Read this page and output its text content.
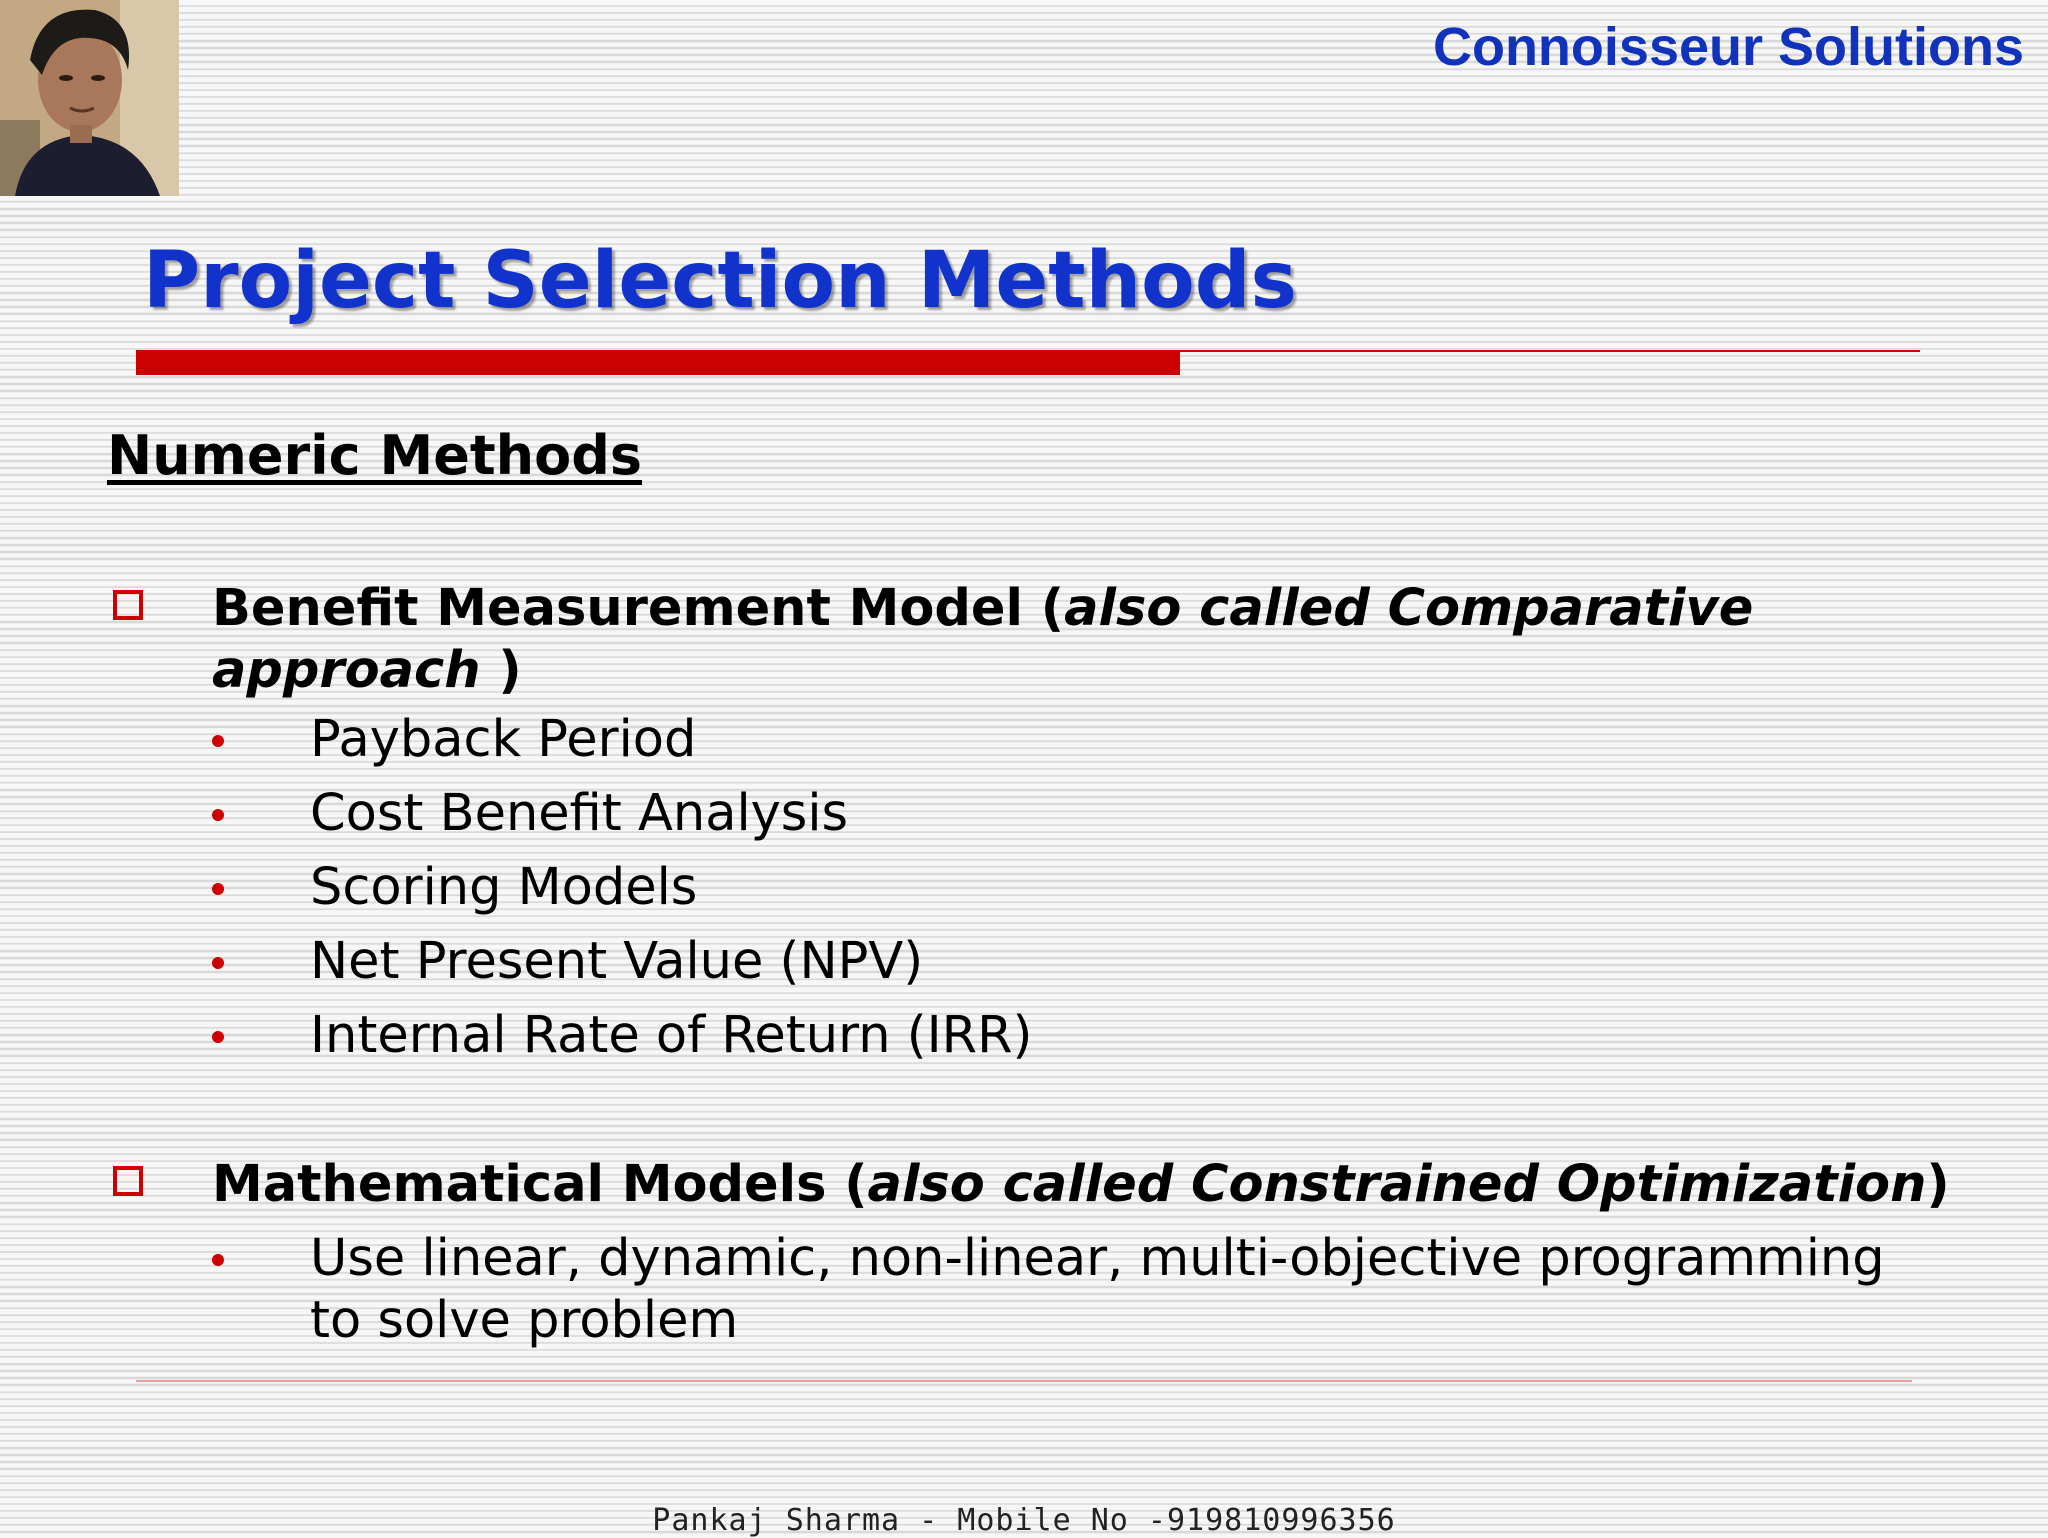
Connoisseur Solutions
Project Selection Methods
Numeric Methods
Benefit Measurement Model (also called Comparative approach )
Payback Period
Cost Benefit Analysis
Scoring Models
Net Present Value (NPV)
Internal Rate of Return (IRR)
Mathematical Models (also called Constrained Optimization)
Use linear, dynamic, non-linear, multi-objective programming to solve problem
Pankaj Sharma - Mobile No -919810996356
